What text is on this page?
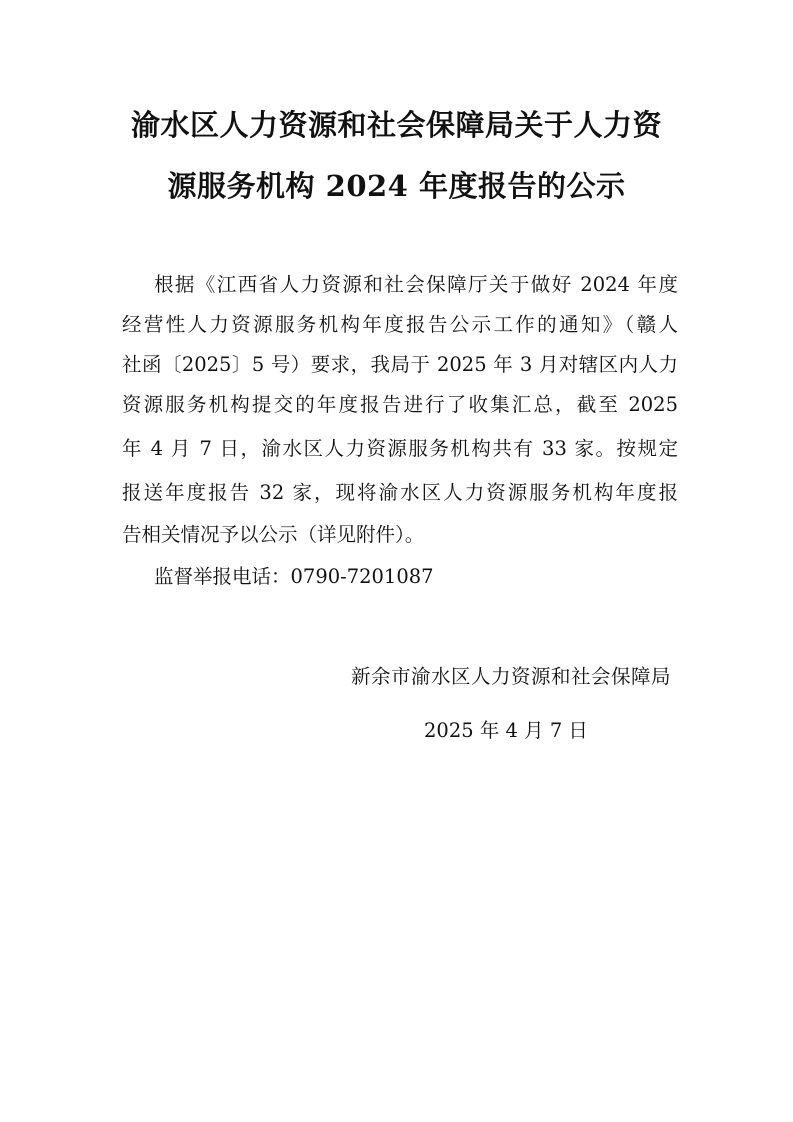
渝水区人力资源和社会保障局关于人力资
源服务机构 2024 年度报告的公示
根据《江西省人力资源和社会保障厅关于做好 2024 年度
经营性人力资源服务机构年度报告公示工作的通知》（赣人
社函〔2025〕5 号）要求，我局于 2025 年 3 月对辖区内人力
资源服务机构提交的年度报告进行了收集汇总，截至 2025
年 4 月 7 日，渝水区人力资源服务机构共有 33 家。按规定
报送年度报告 32 家，现将渝水区人力资源服务机构年度报
告相关情况予以公示（详见附件）。
监督举报电话：0790-7201087
新余市渝水区人力资源和社会保障局
2025 年 4 月 7 日
